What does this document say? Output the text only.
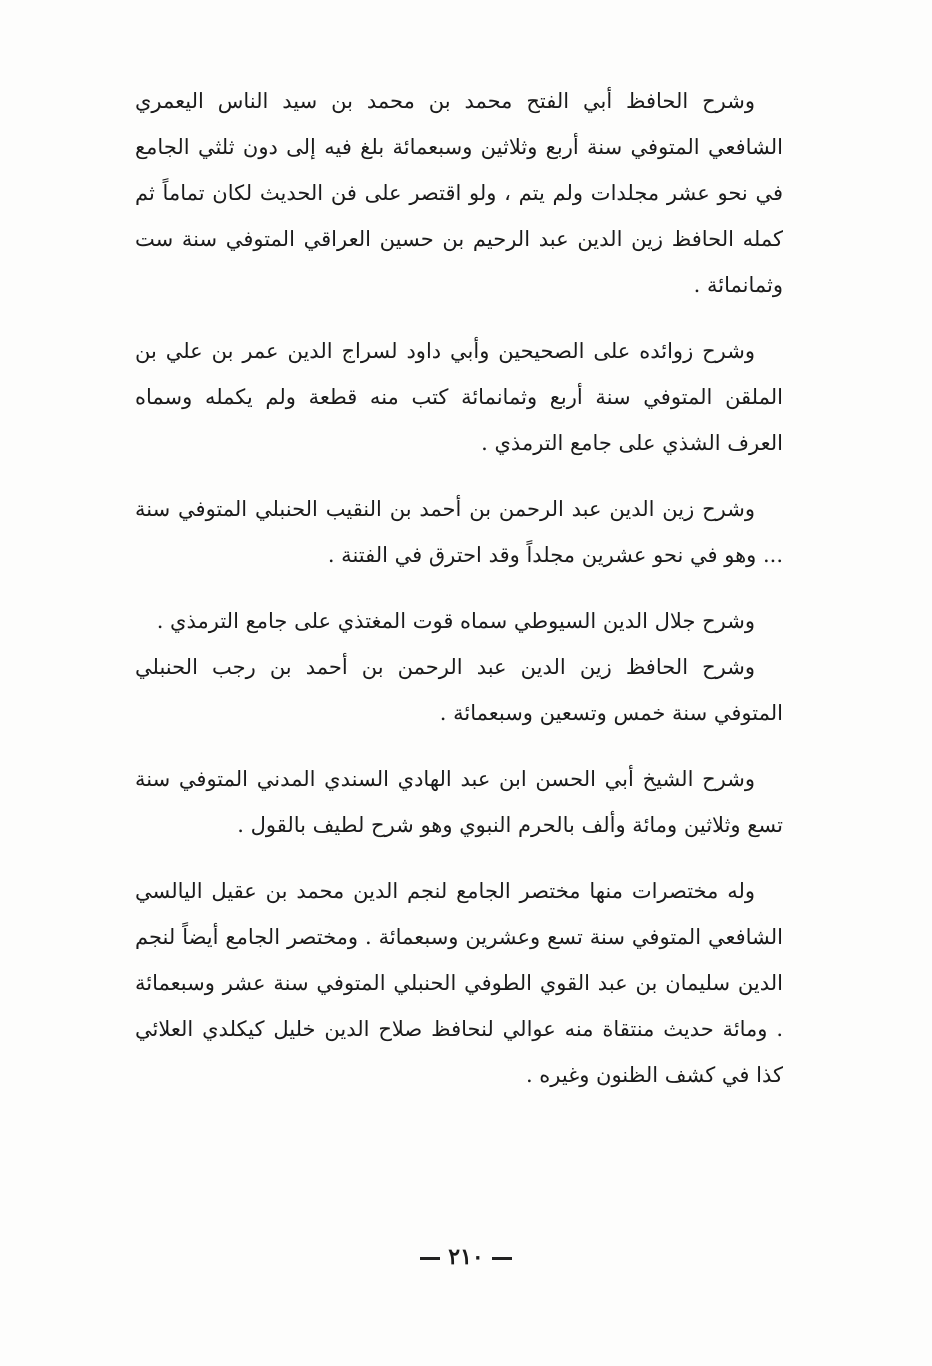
وشرح الحافظ أبي الفتح محمد بن محمد بن سيد الناس اليعمري الشافعي المتوفي سنة أربع وثلاثين وسبعمائة بلغ فيه إلى دون ثلثي الجامع في نحو عشر مجلدات ولم يتم ، ولو اقتصر على فن الحديث لكان تماماً ثم كمله الحافظ زين الدين عبد الرحيم بن حسين العراقي المتوفي سنة ست وثمانمائة .

وشرح زوائده على الصحيحين وأبي داود لسراج الدين عمر بن علي بن الملقن المتوفي سنة أربع وثمانمائة كتب منه قطعة ولم يكمله وسماه العرف الشذي على جامع الترمذي .

وشرح زين الدين عبد الرحمن بن أحمد بن النقيب الحنبلي المتوفي سنة ... وهو في نحو عشرين مجلداً وقد احترق في الفتنة .

وشرح جلال الدين السيوطي سماه قوت المغتذي على جامع الترمذي .

وشرح الحافظ زين الدين عبد الرحمن بن أحمد بن رجب الحنبلي المتوفي سنة خمس وتسعين وسبعمائة .

وشرح الشيخ أبي الحسن ابن عبد الهادي السندي المدني المتوفي سنة تسع وثلاثين ومائة وألف بالحرم النبوي وهو شرح لطيف بالقول .

وله مختصرات منها مختصر الجامع لنجم الدين محمد بن عقيل اليالسي الشافعي المتوفي سنة تسع وعشرين وسبعمائة . ومختصر الجامع أيضاً لنجم الدين سليمان بن عبد القوي الطوفي الحنبلي المتوفي سنة عشر وسبعمائة . ومائة حديث منتقاة منه عوالي لنحافظ صلاح الدين خليل كيكلدي العلائي كذا في كشف الظنون وغيره .

٢١٠
